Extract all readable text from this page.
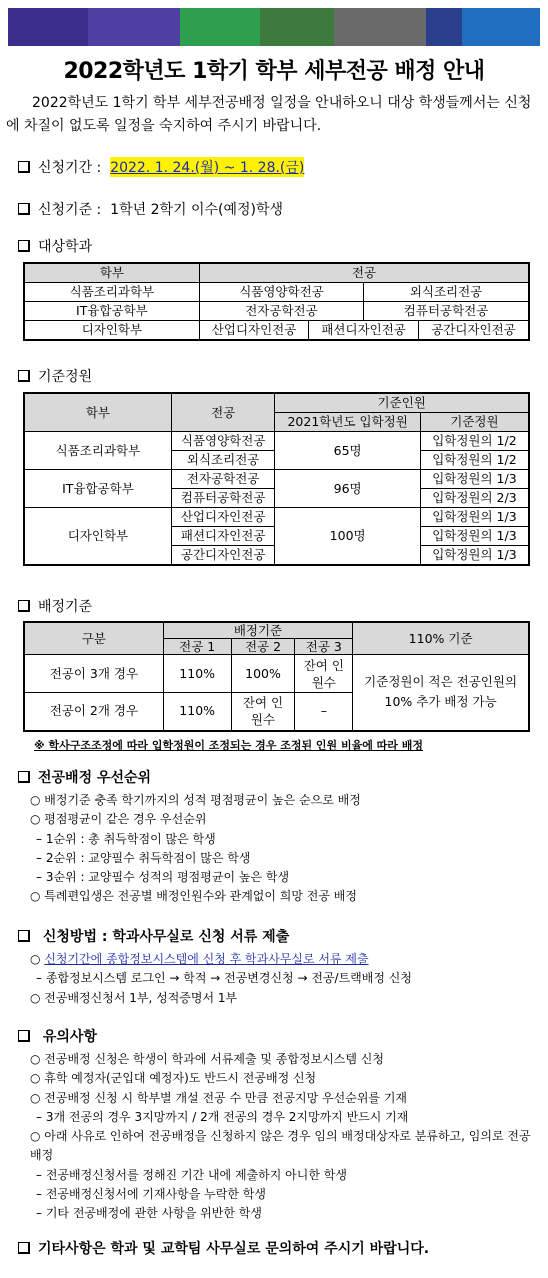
2022학년도 1학기 학부 세부전공 배정 안내
2022학년도 1학기 학부 세부전공배정 일정을 안내하오니 대상 학생들께서는 신청에 차질이 없도록 일정을 숙지하여 주시기 바랍니다.
신청기간 :
2022. 1. 24.(월) ~ 1. 28.(금)
신청기준 :
1학년 2학기 이수(예정)학생
대상학과
학부	전공			
식품조리과학부	식품영양학전공		외식조리전공	
IT융합공학부	전자공학전공		컴퓨터공학전공	
디자인학부	산업디자인전공	패션디자인전공		공간디자인전공
기준정원
학부	전공	기준인원	
		2021학년도 입학정원	기준정원
식품조리과학부	식품영양학전공	65명	입학정원의 1/2
	외식조리전공		입학정원의 1/2
IT융합공학부	전자공학전공	96명	입학정원의 1/3
	컴퓨터공학전공		입학정원의 2/3
디자인학부	산업디자인전공	100명	입학정원의 1/3
	패션디자인전공		입학정원의 1/3
	공간디자인전공		입학정원의 1/3
배정기준
구분	배정기준			110% 기준
	전공 1	전공 2	전공 3	
전공이 3개 경우	110%	100%	잔여 인원수	기준정원이 적은 전공인원의 10% 추가 배정 가능
전공이 2개 경우	110%	잔여 인원수	–	
※ 학사구조조정에 따라 입학정원이 조정되는 경우 조정된 인원 비율에 따라 배정
전공배정 우선순위
○ 배정기준 충족 학기까지의 성적 평점평균이 높은 순으로 배정
○ 평점평균이 같은 경우 우선순위
– 1순위 : 총 취득학점이 많은 학생
– 2순위 : 교양필수 취득학점이 많은 학생
– 3순위 : 교양필수 성적의 평점평균이 높은 학생
○ 특례편입생은 전공별 배정인원수와 관계없이 희망 전공 배정

신청방법 : 학과사무실로 신청 서류 제출
○ 신청기간에 종합정보시스템에 신청 후 학과사무실로 서류 제출
– 종합정보시스템 로그인 → 학적 → 전공변경신청 → 전공/트랙배정 신청
○ 전공배정신청서 1부, 성적증명서 1부

유의사항
○ 전공배정 신청은 학생이 학과에 서류제출 및 종합정보시스템 신청
○ 휴학 예정자(군입대 예정자)도 반드시 전공배정 신청
○ 전공배정 신청 시 학부별 개설 전공 수 만큼 전공지망 우선순위를 기재
– 3개 전공의 경우 3지망까지 / 2개 전공의 경우 2지망까지 반드시 기재
○ 아래 사유로 인하여 전공배정을 신청하지 않은 경우 임의 배정대상자로 분류하고, 임의로 전공 배정
– 전공배정신청서를 정해진 기간 내에 제출하지 아니한 학생
– 전공배정신청서에 기재사항을 누락한 학생
– 기타 전공배정에 관한 사항을 위반한 학생
기타사항은 학과 및 교학팀 사무실로 문의하여 주시기 바랍니다.
